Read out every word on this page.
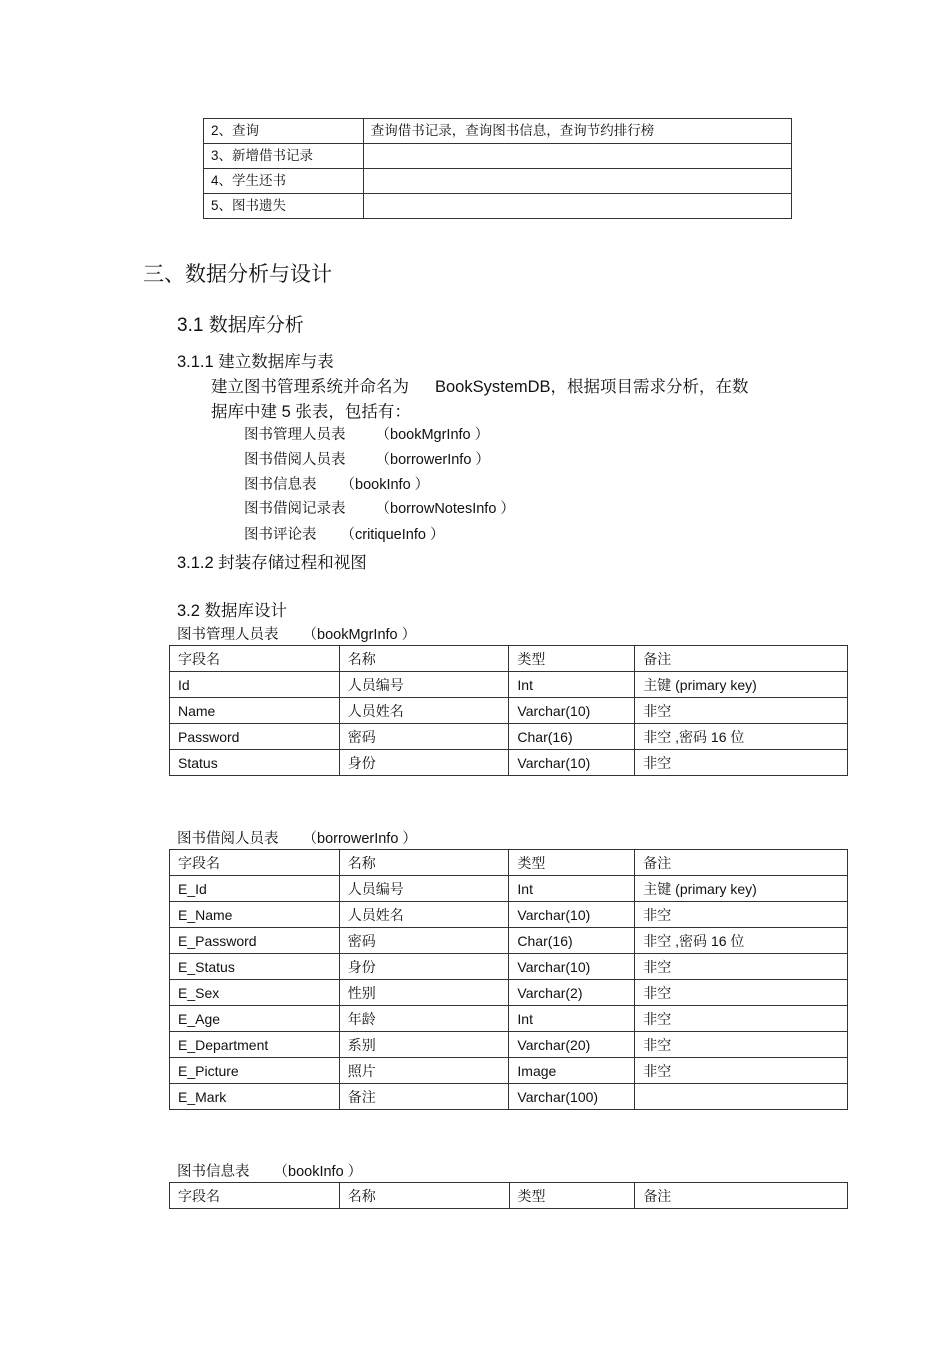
2、查询	查询借书记录，查询图书信息，查询节约排行榜
3、新增借书记录	
4、学生还书	
5、图书遗失	
三、数据分析与设计
3.1 数据库分析
3.1.1 建立数据库与表
建立图书管理系统并命名为 BookSystemDB，根据项目需求分析，在数
据库中建 5 张表，包括有：
图书管理人员表 （bookMgrInfo ）
图书借阅人员表 （borrowerInfo ）
图书信息表 （bookInfo ）
图书借阅记录表 （borrowNotesInfo ）
图书评论表 （critiqueInfo ）
3.1.2 封装存储过程和视图
3.2 数据库设计
图书管理人员表 （bookMgrInfo ）
字段名	名称	类型	备注
Id	人员编号	Int	主键 (primary key)
Name	人员姓名	Varchar(10)	非空
Password	密码	Char(16)	非空 ,密码 16 位
Status	身份	Varchar(10)	非空
图书借阅人员表 （borrowerInfo ）
字段名	名称	类型	备注
E_Id	人员编号	Int	主键 (primary key)
E_Name	人员姓名	Varchar(10)	非空
E_Password	密码	Char(16)	非空 ,密码 16 位
E_Status	身份	Varchar(10)	非空
E_Sex	性别	Varchar(2)	非空
E_Age	年龄	Int	非空
E_Department	系别	Varchar(20)	非空
E_Picture	照片	Image	非空
E_Mark	备注	Varchar(100)	
图书信息表 （bookInfo ）
字段名	名称	类型	备注
